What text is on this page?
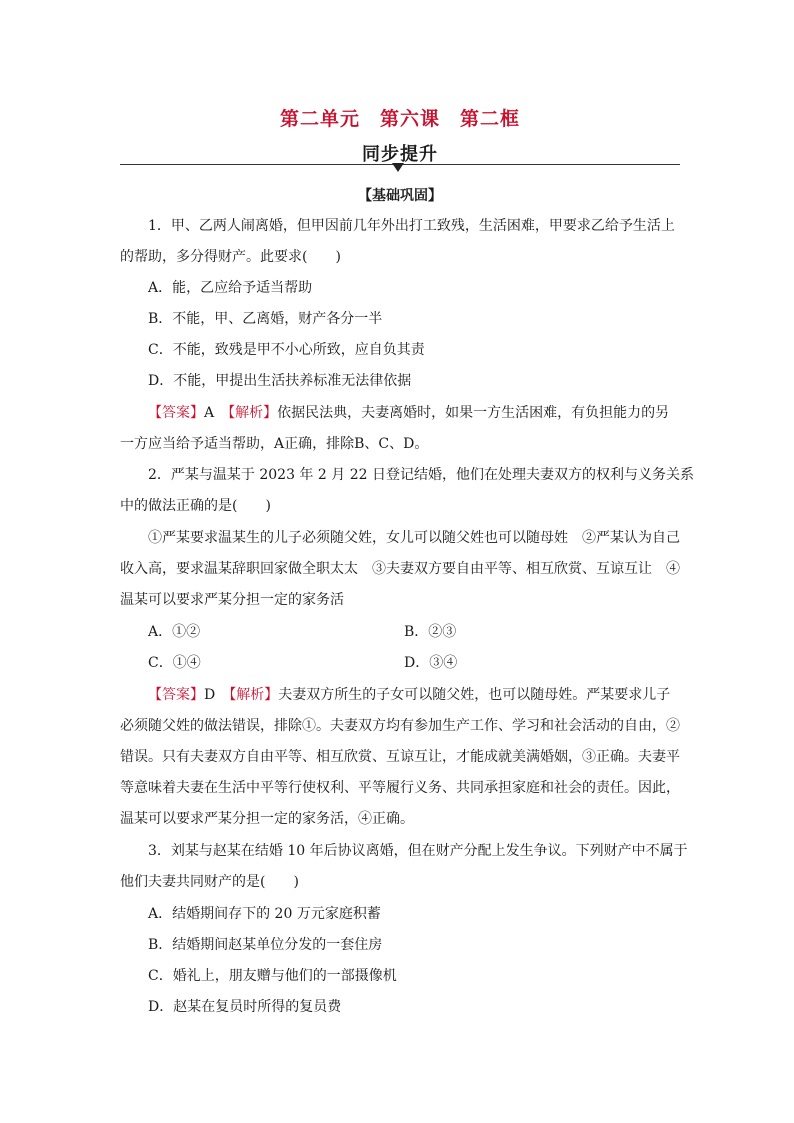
第二单元　第六课　第二框
同步提升
【基础巩固】
1．甲、乙两人闹离婚，但甲因前几年外出打工致残，生活困难，甲要求乙给予生活上
的帮助，多分得财产。此要求(　　)
A．能，乙应给予适当帮助
B．不能，甲、乙离婚，财产各分一半
C．不能，致残是甲不小心所致，应自负其责
D．不能，甲提出生活扶养标准无法律依据
【答案】A　【解析】依据民法典，夫妻离婚时，如果一方生活困难，有负担能力的另
一方应当给予适当帮助，A正确，排除B、C、D。
2．严某与温某于 2023 年 2 月 22 日登记结婚，他们在处理夫妻双方的权利与义务关系
中的做法正确的是(　　)
①严某要求温某生的儿子必须随父姓，女儿可以随父姓也可以随母姓　②严某认为自己
收入高，要求温某辞职回家做全职太太　③夫妻双方要自由平等、相互欣赏、互谅互让　④
温某可以要求严某分担一定的家务活
A．①②	B．②③
C．①④	D．③④
【答案】D　【解析】夫妻双方所生的子女可以随父姓，也可以随母姓。严某要求儿子
必须随父姓的做法错误，排除①。夫妻双方均有参加生产工作、学习和社会活动的自由，②
错误。只有夫妻双方自由平等、相互欣赏、互谅互让，才能成就美满婚姻，③正确。夫妻平
等意味着夫妻在生活中平等行使权利、平等履行义务、共同承担家庭和社会的责任。因此，
温某可以要求严某分担一定的家务活，④正确。
3．刘某与赵某在结婚 10 年后协议离婚，但在财产分配上发生争议。下列财产中不属于
他们夫妻共同财产的是(　　)
A．结婚期间存下的 20 万元家庭积蓄
B．结婚期间赵某单位分发的一套住房
C．婚礼上，朋友赠与他们的一部摄像机
D．赵某在复员时所得的复员费
